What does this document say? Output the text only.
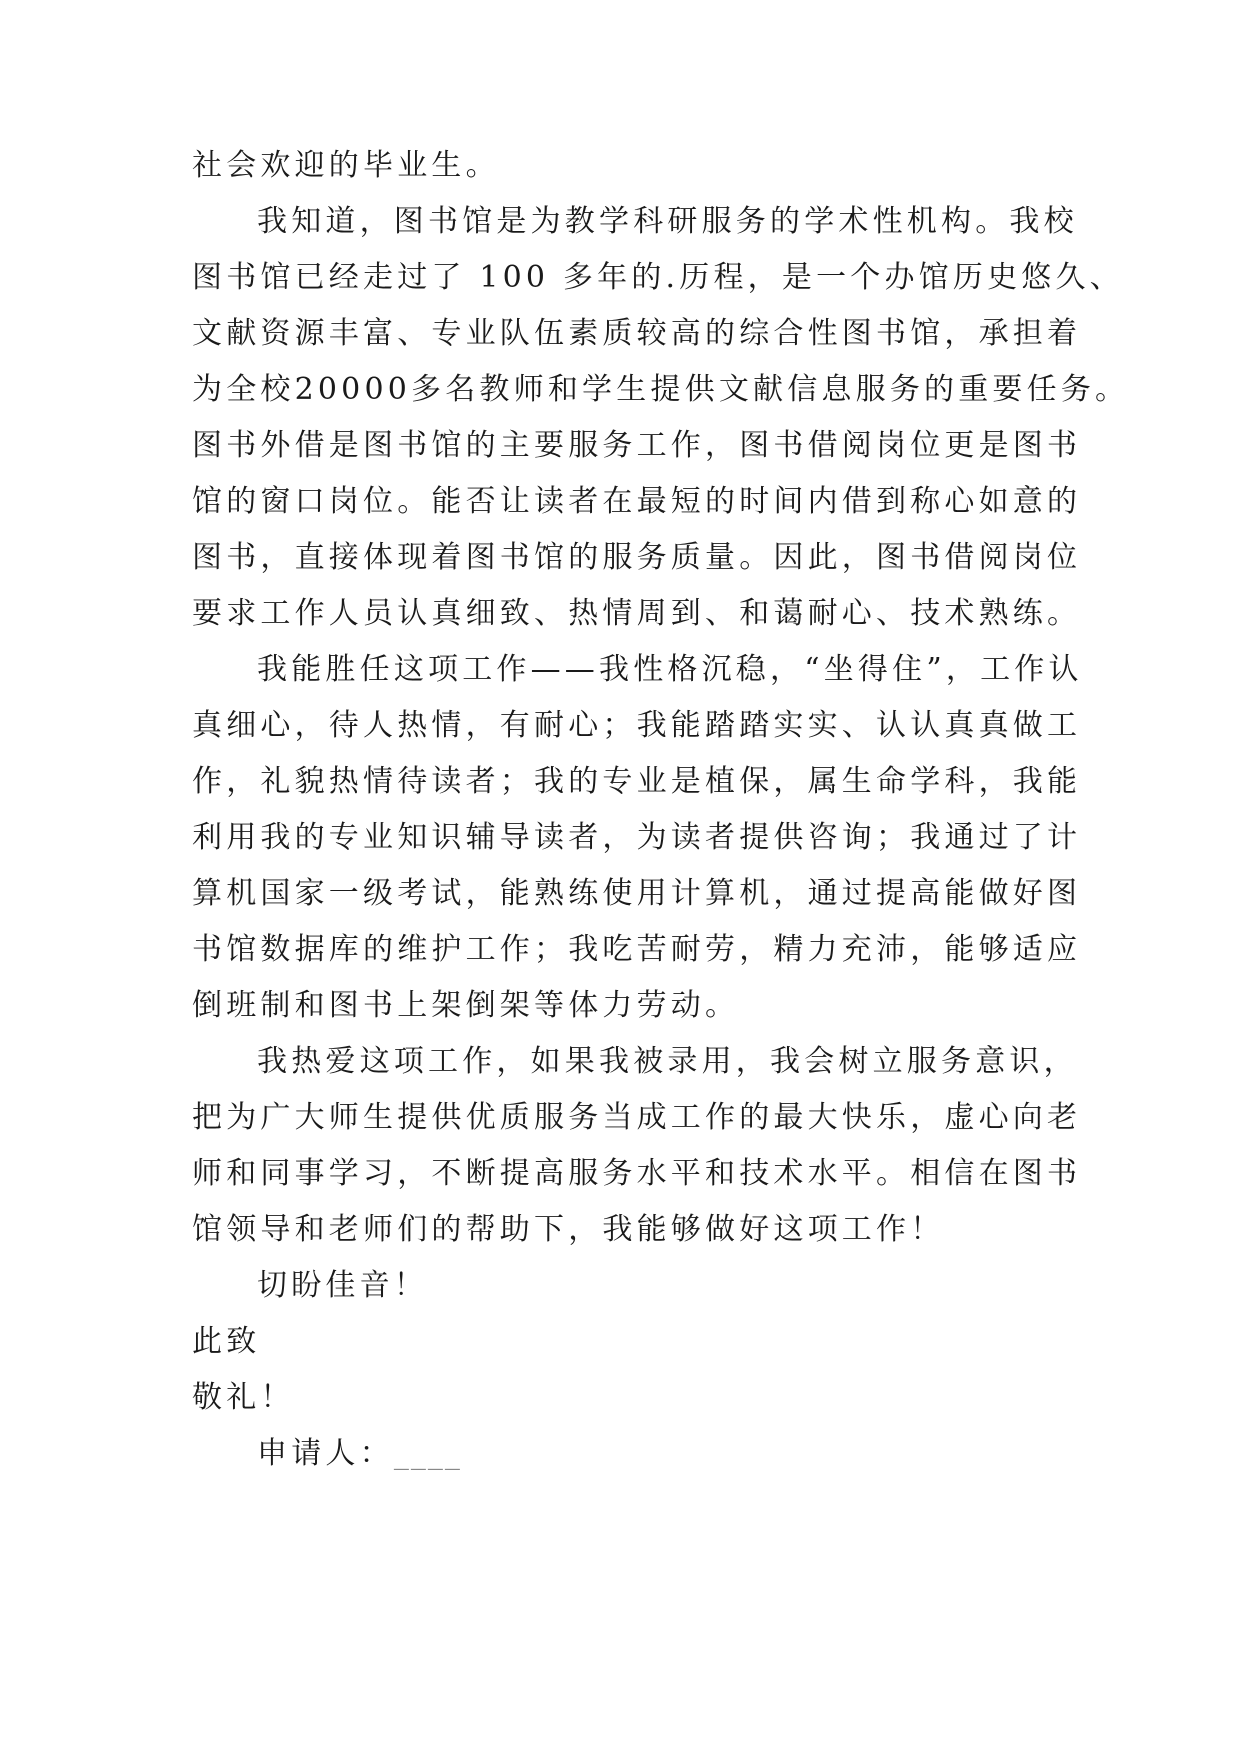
社会欢迎的毕业生。
我知道，图书馆是为教学科研服务的学术性机构。我校
图书馆已经走过了 100 多年的.历程，是一个办馆历史悠久、
文献资源丰富、专业队伍素质较高的综合性图书馆，承担着
为全校20000多名教师和学生提供文献信息服务的重要任务。
图书外借是图书馆的主要服务工作，图书借阅岗位更是图书
馆的窗口岗位。能否让读者在最短的时间内借到称心如意的
图书，直接体现着图书馆的服务质量。因此，图书借阅岗位
要求工作人员认真细致、热情周到、和蔼耐心、技术熟练。
我能胜任这项工作——我性格沉稳，“坐得住”，工作认
真细心，待人热情，有耐心；我能踏踏实实、认认真真做工
作，礼貌热情待读者；我的专业是植保，属生命学科，我能
利用我的专业知识辅导读者，为读者提供咨询；我通过了计
算机国家一级考试，能熟练使用计算机，通过提高能做好图
书馆数据库的维护工作；我吃苦耐劳，精力充沛，能够适应
倒班制和图书上架倒架等体力劳动。
我热爱这项工作，如果我被录用，我会树立服务意识，
把为广大师生提供优质服务当成工作的最大快乐，虚心向老
师和同事学习，不断提高服务水平和技术水平。相信在图书
馆领导和老师们的帮助下，我能够做好这项工作！
切盼佳音！
此致
敬礼！
申请人：____
